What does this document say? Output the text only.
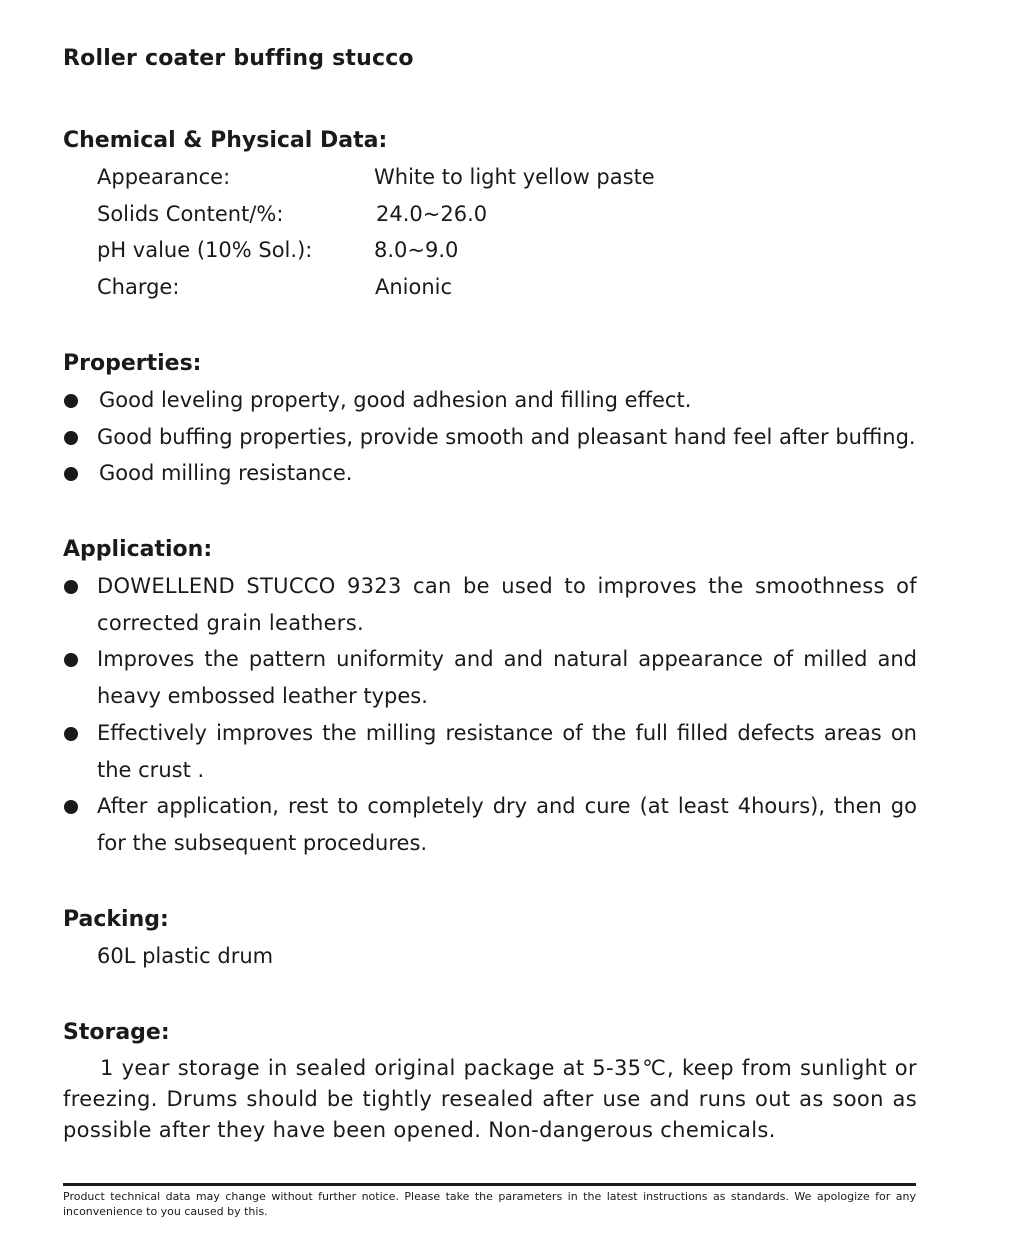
Roller coater buffing stucco
Chemical & Physical Data:
Appearance:	White to light yellow paste
Solids Content/%:	24.0~26.0
pH value (10% Sol.):	8.0~9.0
Charge:	Anionic
Properties:
Good leveling property, good adhesion and filling effect.
Good buffing properties, provide smooth and pleasant hand feel after buffing.
Good milling resistance.
Application:
DOWELLEND STUCCO 9323 can be used to improves the smoothness of corrected grain leathers.
Improves the pattern uniformity and and natural appearance of milled and heavy embossed leather types.
Effectively improves the milling resistance of the full filled defects areas on the crust .
After application, rest to completely dry and cure (at least 4hours), then go for the subsequent procedures.
Packing:
60L plastic drum
Storage:
1 year storage in sealed original package at 5-35℃, keep from sunlight or freezing. Drums should be tightly resealed after use and runs out as soon as possible after they have been opened. Non-dangerous chemicals.
Product technical data may change without further notice. Please take the parameters in the latest instructions as standards. We apologize for any inconvenience to you caused by this.
